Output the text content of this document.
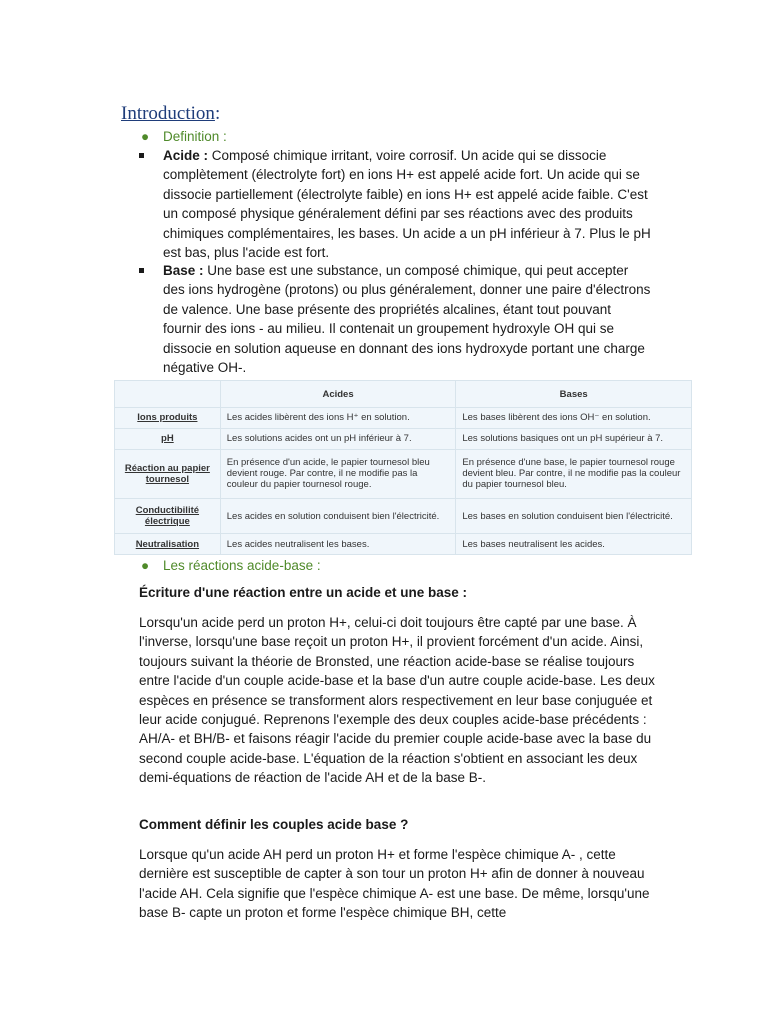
Introduction:
● Definition :
Acide : Composé chimique irritant, voire corrosif. Un acide qui se dissocie complètement (électrolyte fort) en ions H+ est appelé acide fort. Un acide qui se dissocie partiellement (électrolyte faible) en ions H+ est appelé acide faible. C'est un composé physique généralement défini par ses réactions avec des produits chimiques complémentaires, les bases. Un acide a un pH inférieur à 7. Plus le pH est bas, plus l'acide est fort.
Base : Une base est une substance, un composé chimique, qui peut accepter des ions hydrogène (protons) ou plus généralement, donner une paire d'électrons de valence. Une base présente des propriétés alcalines, étant tout pouvant fournir des ions - au milieu. Il contenait un groupement hydroxyle OH qui se dissocie en solution aqueuse en donnant des ions hydroxyde portant une charge négative OH-.
	Acides	Bases
Ions produits	Les acides libèrent des ions H⁺ en solution.	Les bases libèrent des ions OH⁻ en solution.
pH	Les solutions acides ont un pH inférieur à 7.	Les solutions basiques ont un pH supérieur à 7.
Réaction au papier tournesol	En présence d'un acide, le papier tournesol bleu devient rouge. Par contre, il ne modifie pas la couleur du papier tournesol rouge.	En présence d'une base, le papier tournesol rouge devient bleu. Par contre, il ne modifie pas la couleur du papier tournesol bleu.
Conductibilité électrique	Les acides en solution conduisent bien l'électricité.	Les bases en solution conduisent bien l'électricité.
Neutralisation	Les acides neutralisent les bases.	Les bases neutralisent les acides.
● Les réactions acide-base :
Écriture d'une réaction entre un acide et une base :
Lorsqu'un acide perd un proton H+, celui-ci doit toujours être capté par une base. À l'inverse, lorsqu'une base reçoit un proton H+, il provient forcément d'un acide. Ainsi, toujours suivant la théorie de Bronsted, une réaction acide-base se réalise toujours entre l'acide d'un couple acide-base et la base d'un autre couple acide-base. Les deux espèces en présence se transforment alors respectivement en leur base conjuguée et leur acide conjugué. Reprenons l'exemple des deux couples acide-base précédents : AH/A- et BH/B- et faisons réagir l'acide du premier couple acide-base avec la base du second couple acide-base. L'équation de la réaction s'obtient en associant les deux demi-équations de réaction de l'acide AH et de la base B-.
Comment définir les couples acide base ?
Lorsque qu'un acide AH perd un proton H+ et forme l'espèce chimique A- , cette dernière est susceptible de capter à son tour un proton H+ afin de donner à nouveau l'acide AH. Cela signifie que l'espèce chimique A- est une base. De même, lorsqu'une base B- capte un proton et forme l'espèce chimique BH, cette
